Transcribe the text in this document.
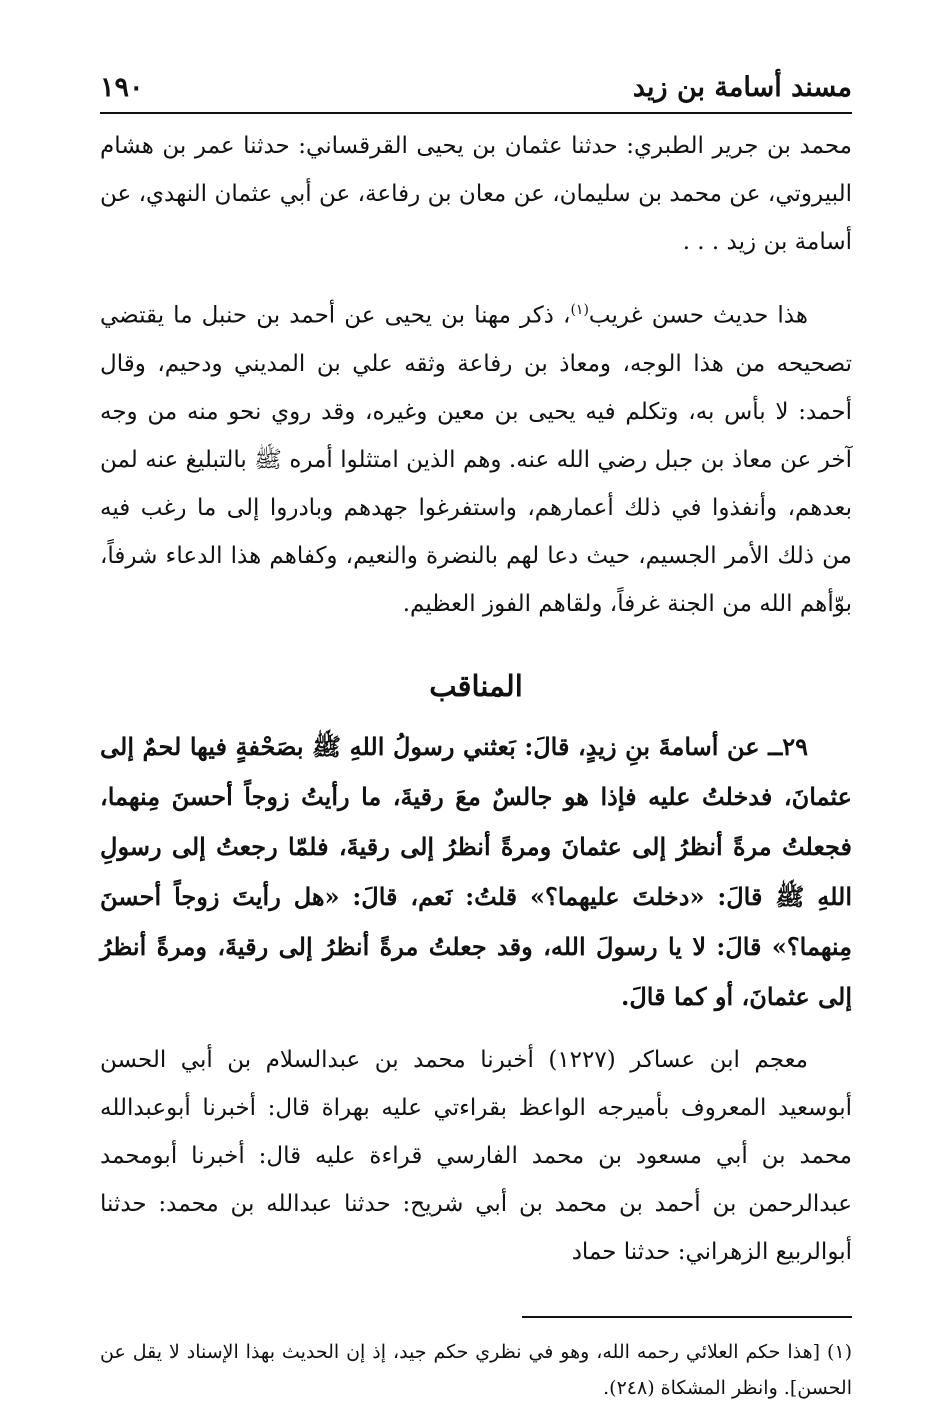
مسند أسامة بن زيد
١٩٠

محمد بن جرير الطبري: حدثنا عثمان بن يحيى القرقساني: حدثنا عمر بن هشام البيروتي، عن محمد بن سليمان، عن معان بن رفاعة، عن أبي عثمان النهدي، عن أسامة بن زيد . . .

هذا حديث حسن غريب$^{(١)}$، ذكر مهنا بن يحيى عن أحمد بن حنبل ما يقتضي تصحيحه من هذا الوجه، ومعاذ بن رفاعة وثقه علي بن المديني ودحيم، وقال أحمد: لا بأس به، وتكلم فيه يحيى بن معين وغيره، وقد روي نحو منه من وجه آخر عن معاذ بن جبل رضي الله عنه. وهم الذين امتثلوا أمره ﷺ بالتبليغ عنه لمن بعدهم، وأنفذوا في ذلك أعمارهم، واستفرغوا جهدهم وبادروا إلى ما رغب فيه من ذلك الأمر الجسيم، حيث دعا لهم بالنضرة والنعيم، وكفاهم هذا الدعاء شرفاً، بوّأهم الله من الجنة غرفاً، ولقاهم الفوز العظيم.

المناقب

٢٩ــ عن أسامةَ بنِ زيدٍ، قالَ: بَعثني رسولُ اللهِ ﷺ بصَحْفةٍ فيها لحمٌ إلى عثمانَ، فدخلتُ عليه فإذا هو جالسٌ معَ رقيةَ، ما رأيتُ زوجاً أحسنَ مِنهما، فجعلتُ مرةً أنظرُ إلى عثمانَ ومرةً أنظرُ إلى رقيةَ، فلمّا رجعتُ إلى رسولِ اللهِ ﷺ قالَ: «دخلتَ عليهما؟» قلتُ: نَعم، قالَ: «هل رأيتَ زوجاً أحسنَ مِنهما؟» قالَ: لا يا رسولَ الله، وقد جعلتُ مرةً أنظرُ إلى رقيةَ، ومرةً أنظرُ إلى عثمانَ، أو كما قالَ.

معجم ابن عساكر (١٢٢٧) أخبرنا محمد بن عبدالسلام بن أبي الحسن أبوسعيد المعروف بأميرجه الواعظ بقراءتي عليه بهراة قال: أخبرنا أبوعبدالله محمد بن أبي مسعود بن محمد الفارسي قراءة عليه قال: أخبرنا أبومحمد عبدالرحمن بن أحمد بن محمد بن أبي شريح: حدثنا عبدالله بن محمد: حدثنا أبوالربيع الزهراني: حدثنا حماد

(١) [هذا حكم العلائي رحمه الله، وهو في نظري حكم جيد، إذ إن الحديث بهذا الإسناد لا يقل عن الحسن]. وانظر المشكاة (٢٤٨).
